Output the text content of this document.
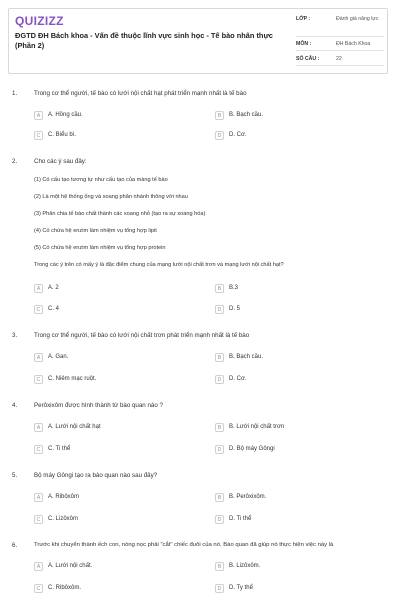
QUIZIZZ
ĐGTD ĐH Bách khoa - Vấn đề thuộc lĩnh vực sinh học - Tế bào nhân thực (Phần 2)
LỚP :	Đánh giá năng lực
MÔN :	ĐH Bách Khoa
SỐ CÂU :	22
1.	Trong cơ thể người, tế bào có lưới nội chất hạt phát triển mạnh nhất là tế bào
A	A. Hồng cầu.	B	B. Bạch cầu.
C	C. Biểu bì.	D	D. Cơ.
2.	Cho các ý sau đây:
(1) Có cấu tạo tương tự như cấu tạo của màng tế bào
(2) Là một hệ thống ống và xoang phân nhánh thông với nhau
(3) Phân chia tế bào chất thành các xoang nhỏ (tạo ra sự xoang hóa)
(4) Có chứa hệ enzim làm nhiệm vụ tổng hợp lipit
(5) Có chứa hệ enzim làm nhiệm vụ tổng hợp protein
Trong các ý trên có mấy ý là đặc điểm chung của mạng lưới nội chất trơn và mạng lưới nội chất hạt?
A	A. 2	B	B.3
C	C. 4	D	D. 5
3.	Trong cơ thể người, tế bào có lưới nội chất trơn phát triển mạnh nhất là tế bào
A	A. Gan.	B	B. Bạch cầu.
C	C. Niêm mạc ruột.	D	D. Cơ.
4.	Perôxixôm được hình thành từ bào quan nào ?
A	A. Lưới nội chất hạt	B	B. Lưới nội chất trơn
C	C. Ti thể	D	D. Bộ máy Gôngi
5.	Bộ máy Gôngi tạo ra bào quan nào sau đây?
A	A. Ribôxôm	B	B. Perôxixôm.
C	C. Lizôxôm	D	D. Ti thể
6.	Trước khi chuyển thành ếch con, nòng nọc phải "cắt" chiếc đuôi của nó. Bào quan đã giúp nó thực hiện việc này là
A	A. Lưới nội chất.	B	B. Lizôxôm.
C	C. Ribôxôm.	D	D. Ty thể
